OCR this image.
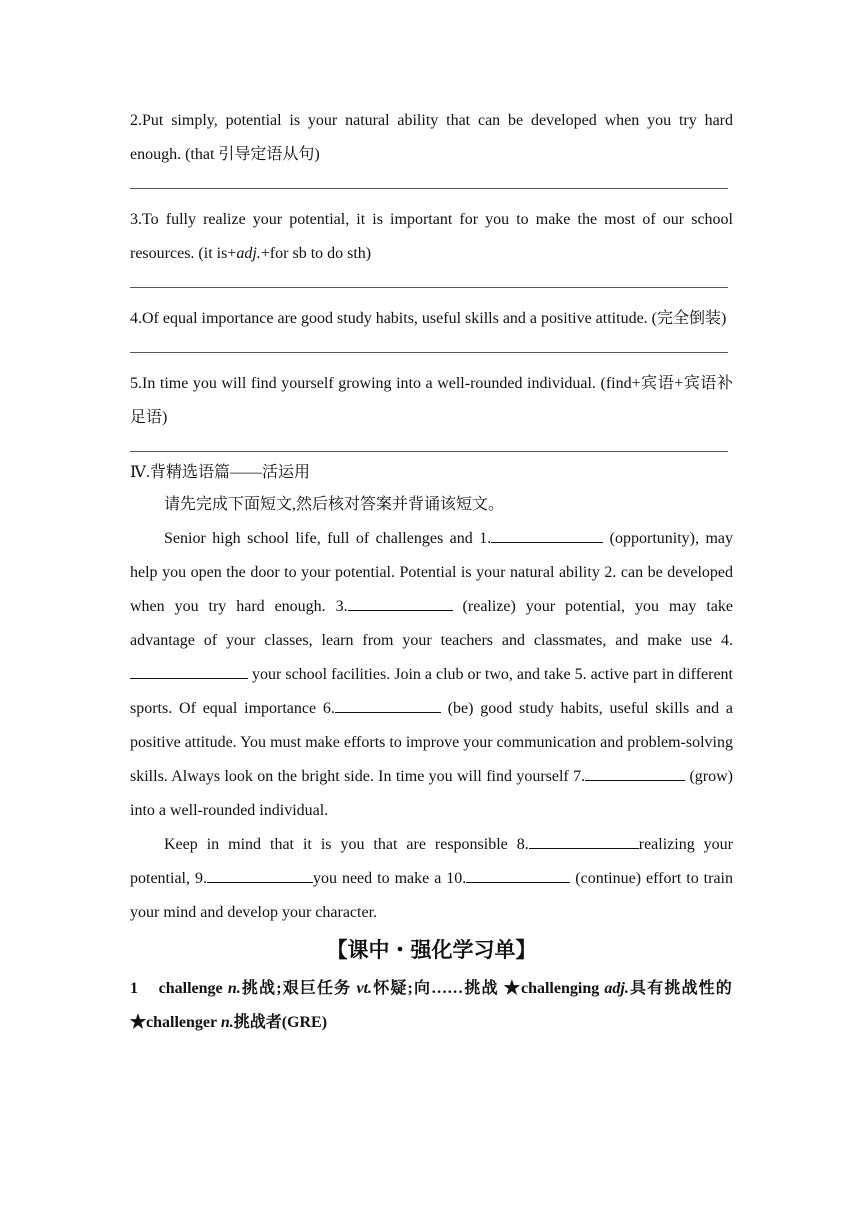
2.Put simply, potential is your natural ability that can be developed when you try hard enough. (that 引导定语从句)

3.To fully realize your potential, it is important for you to make the most of our school resources. (it is+adj.+for sb to do sth)

4.Of equal importance are good study habits, useful skills and a positive attitude. (完全倒装)

5.In time you will find yourself growing into a well-rounded individual. (find+宾语+宾语补足语)

Ⅳ.背精选语篇——活运用

请先完成下面短文,然后核对答案并背诵该短文。

Senior high school life, full of challenges and 1.	(opportunity), may help you open the door to your potential. Potential is your natural ability 2. can be developed when you try hard enough. 3.	(realize) your potential, you may take advantage of your classes, learn from your teachers and classmates, and make use 4. your school facilities. Join a club or two, and take 5. active part in different sports. Of equal importance 6.	(be) good study habits, useful skills and a positive attitude. You must make efforts to improve your communication and problem-solving skills. Always look on the bright side. In time you will find yourself 7.	(grow) into a well-rounded individual.

Keep in mind that it is you that are responsible 8.	realizing your potential, 9.	you need to make a 10.	(continue) effort to train your mind and develop your character.

【课中・强化学习单】

1 challenge n.挑战;艰巨任务 vt.怀疑;向……挑战 ★challenging adj.具有挑战性的 ★challenger n.挑战者(GRE)
